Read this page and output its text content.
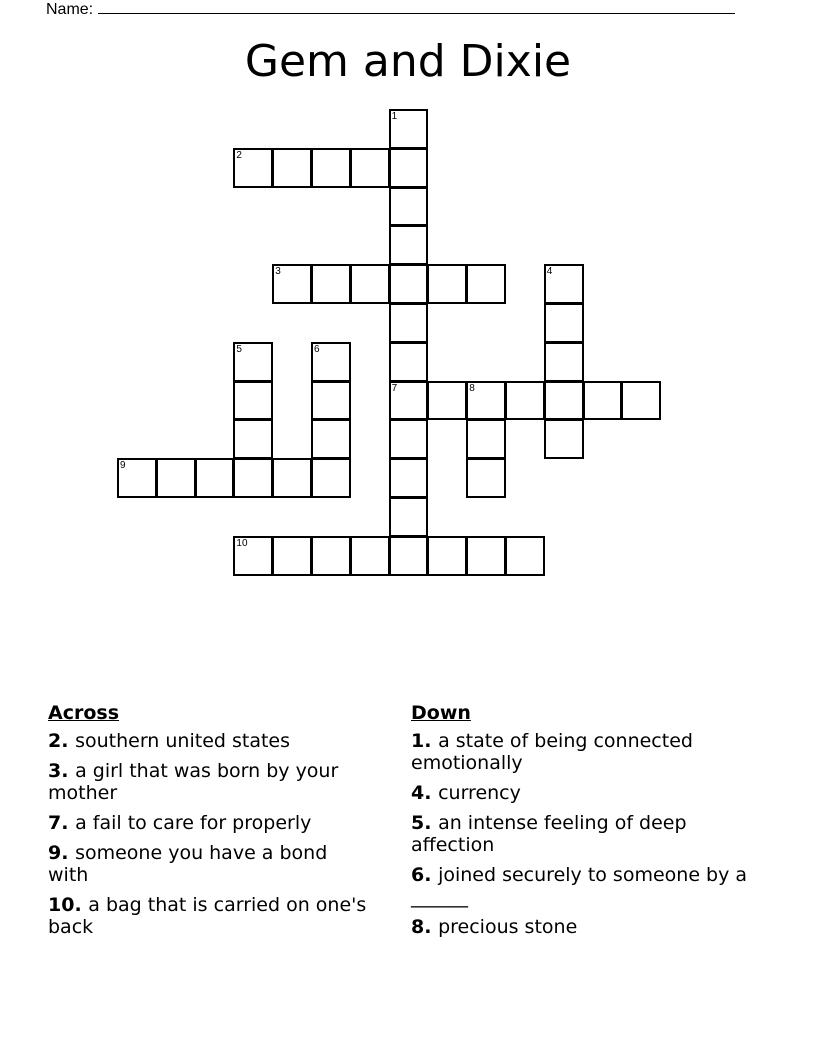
Name:
Gem and Dixie
1
2
3	4
5	6
7	8
9
10
Across
2. southern united states
3. a girl that was born by your mother
7. a fail to care for properly
9. someone you have a bond with
10. a bag that is carried on one's back
Down
1. a state of being connected emotionally
4. currency
5. an intense feeling of deep affection
6. joined securely to someone by a ______
8. precious stone
